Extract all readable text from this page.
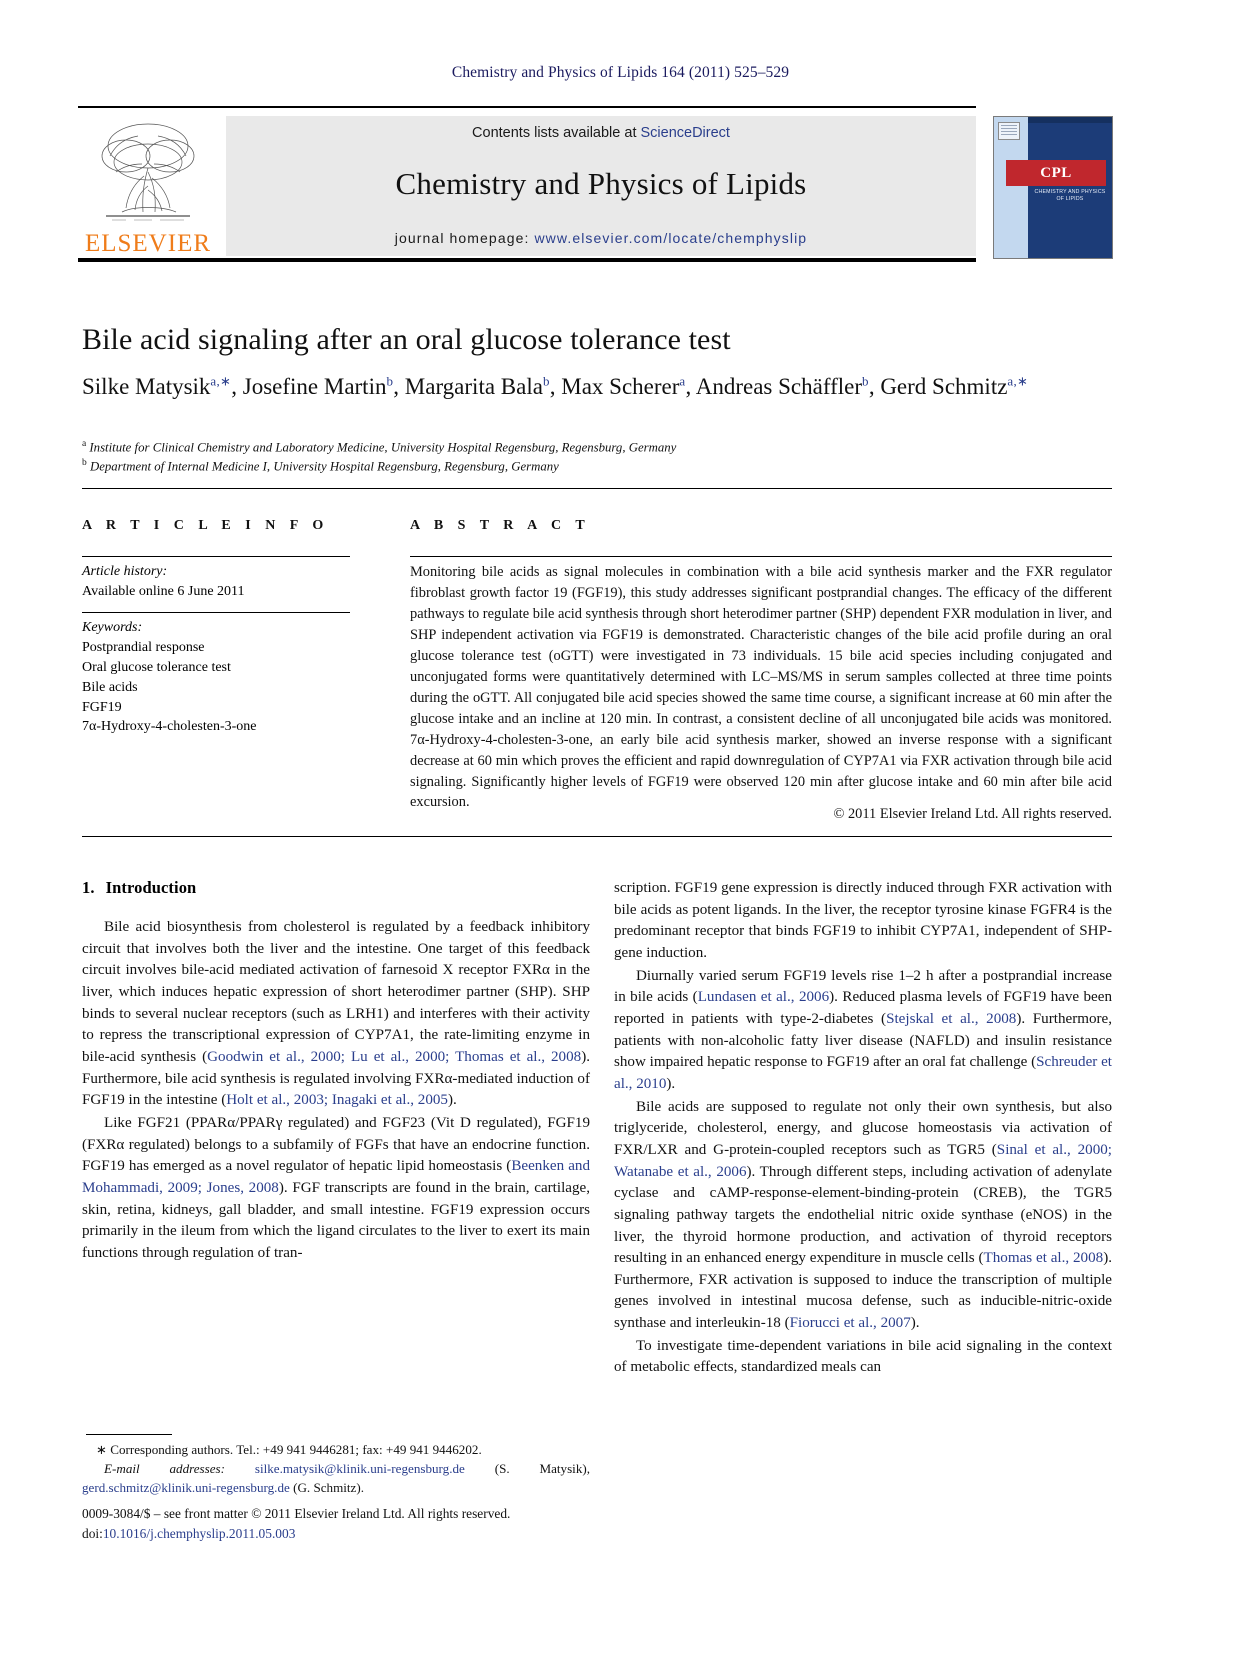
Chemistry and Physics of Lipids 164 (2011) 525–529
ELSEVIER
Contents lists available at ScienceDirect
Chemistry and Physics of Lipids
journal homepage: www.elsevier.com/locate/chemphyslip
CPL
CHEMISTRY AND PHYSICS
OF LIPIDS
Bile acid signaling after an oral glucose tolerance test
Silke Matysik$^{a,∗}$, Josefine Martin$^b$, Margarita Bala$^b$, Max Scherer$^a$, Andreas Schäffler$^b$, Gerd Schmitz$^{a,∗}$
$^a$ Institute for Clinical Chemistry and Laboratory Medicine, University Hospital Regensburg, Regensburg, Germany
$^b$ Department of Internal Medicine I, University Hospital Regensburg, Regensburg, Germany
A R T I C L E I N F O
Article history:
Available online 6 June 2011
Keywords:
Postprandial response
Oral glucose tolerance test
Bile acids
FGF19
7α-Hydroxy-4-cholesten-3-one
A B S T R A C T
Monitoring bile acids as signal molecules in combination with a bile acid synthesis marker and the FXR regulator fibroblast growth factor 19 (FGF19), this study addresses significant postprandial changes. The efficacy of the different pathways to regulate bile acid synthesis through short heterodimer partner (SHP) dependent FXR modulation in liver, and SHP independent activation via FGF19 is demonstrated. Characteristic changes of the bile acid profile during an oral glucose tolerance test (oGTT) were investigated in 73 individuals. 15 bile acid species including conjugated and unconjugated forms were quantitatively determined with LC–MS/MS in serum samples collected at three time points during the oGTT. All conjugated bile acid species showed the same time course, a significant increase at 60 min after the glucose intake and an incline at 120 min. In contrast, a consistent decline of all unconjugated bile acids was monitored. 7α-Hydroxy-4-cholesten-3-one, an early bile acid synthesis marker, showed an inverse response with a significant decrease at 60 min which proves the efficient and rapid downregulation of CYP7A1 via FXR activation through bile acid signaling. Significantly higher levels of FGF19 were observed 120 min after glucose intake and 60 min after bile acid excursion.
© 2011 Elsevier Ireland Ltd. All rights reserved.
1. Introduction

Bile acid biosynthesis from cholesterol is regulated by a feedback inhibitory circuit that involves both the liver and the intestine. One target of this feedback circuit involves bile-acid mediated activation of farnesoid X receptor FXRα in the liver, which induces hepatic expression of short heterodimer partner (SHP). SHP binds to several nuclear receptors (such as LRH1) and interferes with their activity to repress the transcriptional expression of CYP7A1, the rate-limiting enzyme in bile-acid synthesis (Goodwin et al., 2000; Lu et al., 2000; Thomas et al., 2008). Furthermore, bile acid synthesis is regulated involving FXRα-mediated induction of FGF19 in the intestine (Holt et al., 2003; Inagaki et al., 2005).

Like FGF21 (PPARα/PPARγ regulated) and FGF23 (Vit D regulated), FGF19 (FXRα regulated) belongs to a subfamily of FGFs that have an endocrine function. FGF19 has emerged as a novel regulator of hepatic lipid homeostasis (Beenken and Mohammadi, 2009; Jones, 2008). FGF transcripts are found in the brain, cartilage, skin, retina, kidneys, gall bladder, and small intestine. FGF19 expression occurs primarily in the ileum from which the ligand circulates to the liver to exert its main functions through regulation of tran-

scription. FGF19 gene expression is directly induced through FXR activation with bile acids as potent ligands. In the liver, the receptor tyrosine kinase FGFR4 is the predominant receptor that binds FGF19 to inhibit CYP7A1, independent of SHP-gene induction.

Diurnally varied serum FGF19 levels rise 1–2 h after a postprandial increase in bile acids (Lundasen et al., 2006). Reduced plasma levels of FGF19 have been reported in patients with type-2-diabetes (Stejskal et al., 2008). Furthermore, patients with non-alcoholic fatty liver disease (NAFLD) and insulin resistance show impaired hepatic response to FGF19 after an oral fat challenge (Schreuder et al., 2010).

Bile acids are supposed to regulate not only their own synthesis, but also triglyceride, cholesterol, energy, and glucose homeostasis via activation of FXR/LXR and G-protein-coupled receptors such as TGR5 (Sinal et al., 2000; Watanabe et al., 2006). Through different steps, including activation of adenylate cyclase and cAMP-response-element-binding-protein (CREB), the TGR5 signaling pathway targets the endothelial nitric oxide synthase (eNOS) in the liver, the thyroid hormone production, and activation of thyroid receptors resulting in an enhanced energy expenditure in muscle cells (Thomas et al., 2008). Furthermore, FXR activation is supposed to induce the transcription of multiple genes involved in intestinal mucosa defense, such as inducible-nitric-oxide synthase and interleukin-18 (Fiorucci et al., 2007).

To investigate time-dependent variations in bile acid signaling in the context of metabolic effects, standardized meals can

∗ Corresponding authors. Tel.: +49 941 9446281; fax: +49 941 9446202.
E-mail addresses: silke.matysik@klinik.uni-regensburg.de (S. Matysik), gerd.schmitz@klinik.uni-regensburg.de (G. Schmitz).
0009-3084/$ – see front matter © 2011 Elsevier Ireland Ltd. All rights reserved.
doi:10.1016/j.chemphyslip.2011.05.003
